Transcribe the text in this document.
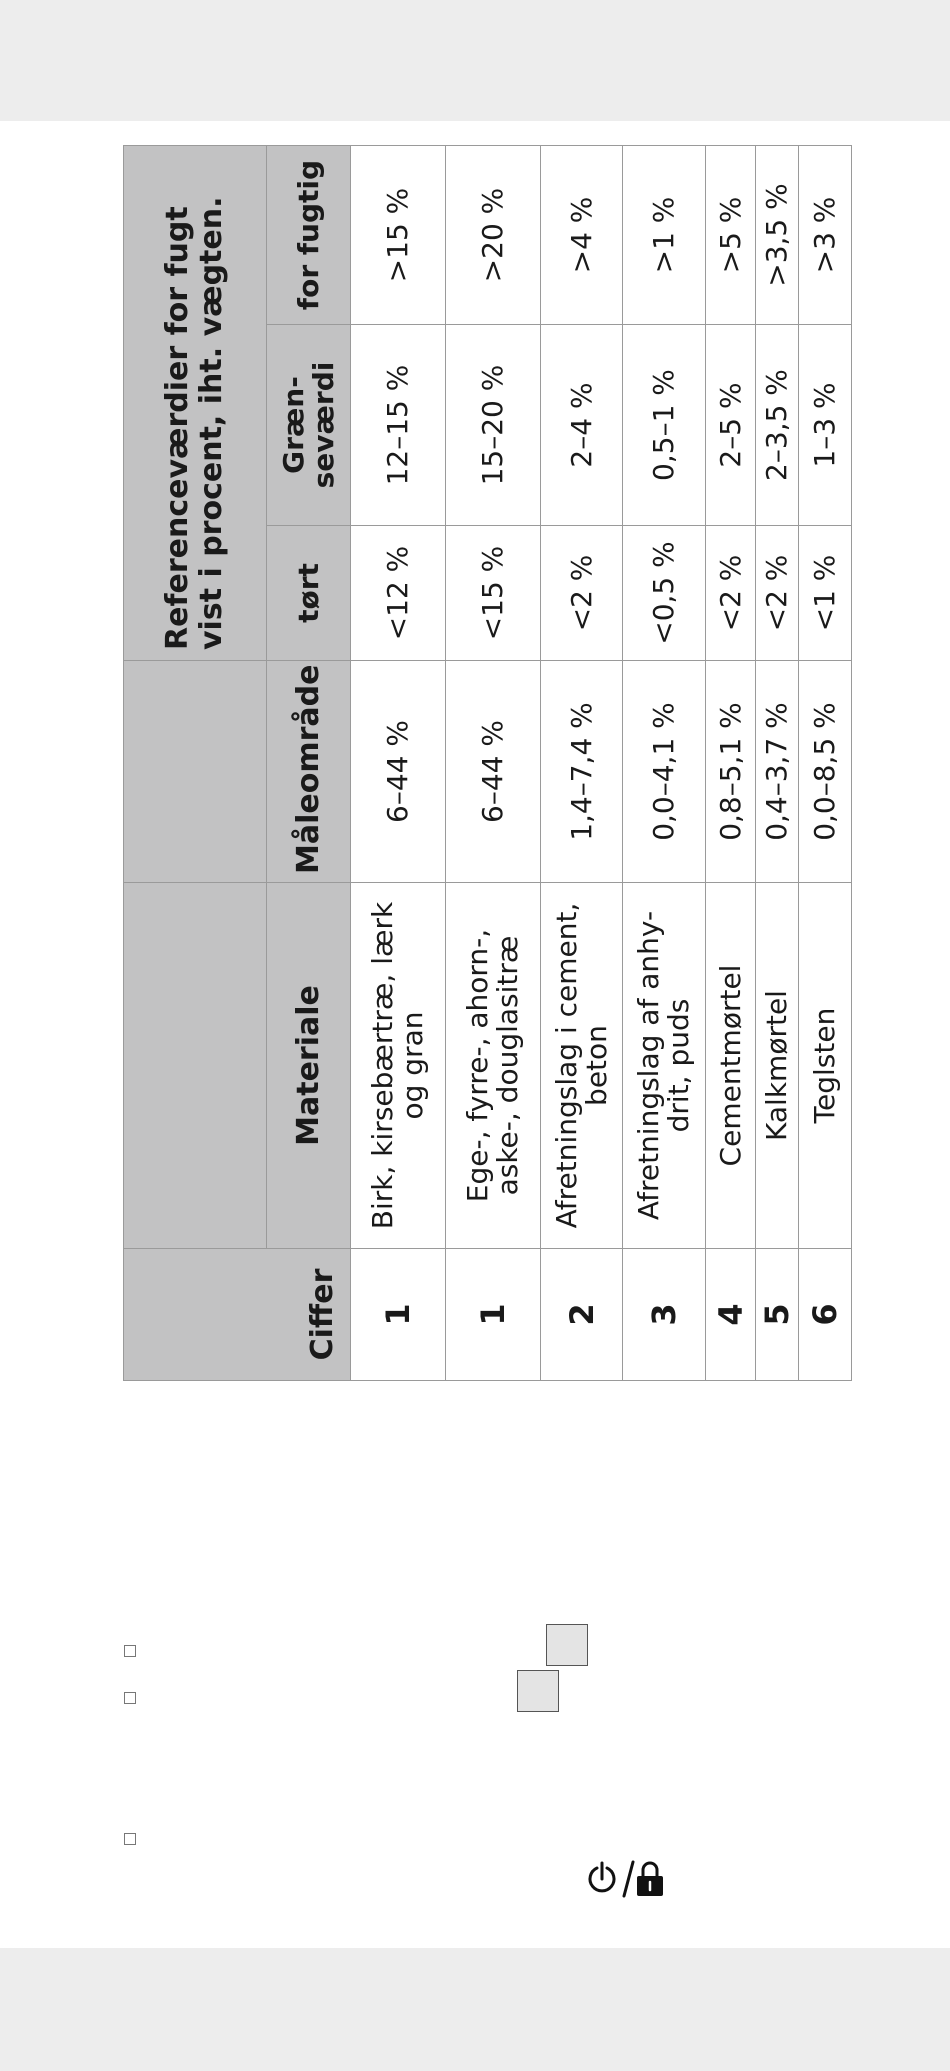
Ciffer			Referenceværdier for fugt vist i procent, iht. vægten.		
	Materiale	Måleområde	tørt	Græn-seværdi	for fugtig
1	Birk, kirsebærtræ, lærk og gran	6–44 %	<12 %	12–15 %	>15 %
1	Ege-, fyrre-, ahorn-, aske-, douglasitræ	6–44 %	<15 %	15–20 %	>20 %
2	Afretningslag i cement, beton	1,4–7,4 %	<2 %	2–4 %	>4 %
3	Afretningslag af anhy-drit, puds	0,0–4,1 %	<0,5 %	0,5–1 %	>1 %
4	Cementmørtel	0,8–5,1 %	<2 %	2–5 %	>5 %
5	Kalkmørtel	0,4–3,7 %	<2 %	2–3,5 %	>3,5 %
6	Teglsten	0,0–8,5 %	<1 %	1–3 %	>3 %
